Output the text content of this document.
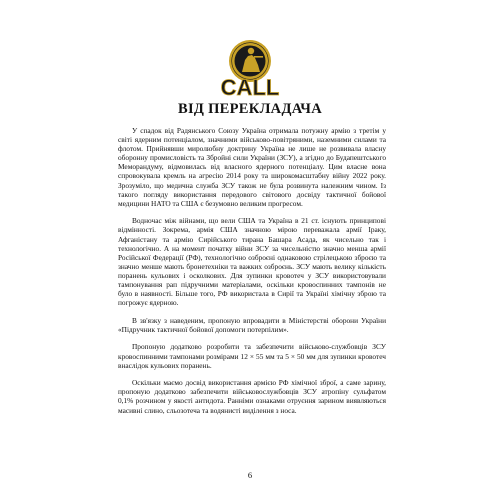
CALL
ВІД ПЕРЕКЛАДАЧА

У спадок від Радянського Союзу Україна отримала потужну армію з третім у світі ядерним потенціалом, значними військово-повітряними, наземними силами та флотом. Прийнявши миролюбну доктрину Україна не лише не розвивала власну оборонну промисловість та Збройні сили України (ЗСУ), а згідно до Будапештського Меморандуму, відмовилась від власного ядерного потенціалу. Цим власне вона спровокувала кремль на агресію 2014 року та широкомасштабну війну 2022 року. Зрозуміло, що медична служба ЗСУ також не була розвинута належним чином. Із такого погляду використання передового світового досвіду тактичної бойової медицини НАТО та США є безумовно великим прогресом.

Водночас між війнами, що вели США та Україна в 21 ст. існують принципові відмінності. Зокрема, армія США значною мірою переважала армії Іраку, Афганістану та армію Сирійського тирана Башара Асада, як чисельно так і технологічно. А на момент початку війни ЗСУ за чисельністю значно менша армії Російської Федерації (РФ), технологічно озброєні однаковою стрілецькою зброєю та значно менше мають бронетехніки та важких озброєнь. ЗСУ мають велику кількість поранень кульових і осколкових. Для зупинки кровотеч у ЗСУ використовували тампонування рап підручними матеріалами, оскільки кровоспинних тампонів не було в наявності. Більше того, РФ використала в Сирії та Україні хімічну зброю та погрожує ядерною.

В зв'язку з наведеним, пропоную впровадити в Міністерстві оборони України «Підручник тактичної бойової допомоги потерпілим».

Пропоную додатково розробити та забезпечити військово-службовців ЗСУ кровоспинними тампонами розмірами 12 × 55 мм та 5 × 50 мм для зупинки кровотеч внаслідок кульових поранень.

Оскільки маємо досвід використання армією РФ хімічної зброї, а саме зарину, пропоную додатково забезпечити військовослужбовців ЗСУ атропіну сульфатом 0,1% розчином у якості антидота. Ранніми ознаками отруєння зарином виявляються масивні слино, сльозотеча та водянисті виділення з носа.

6
